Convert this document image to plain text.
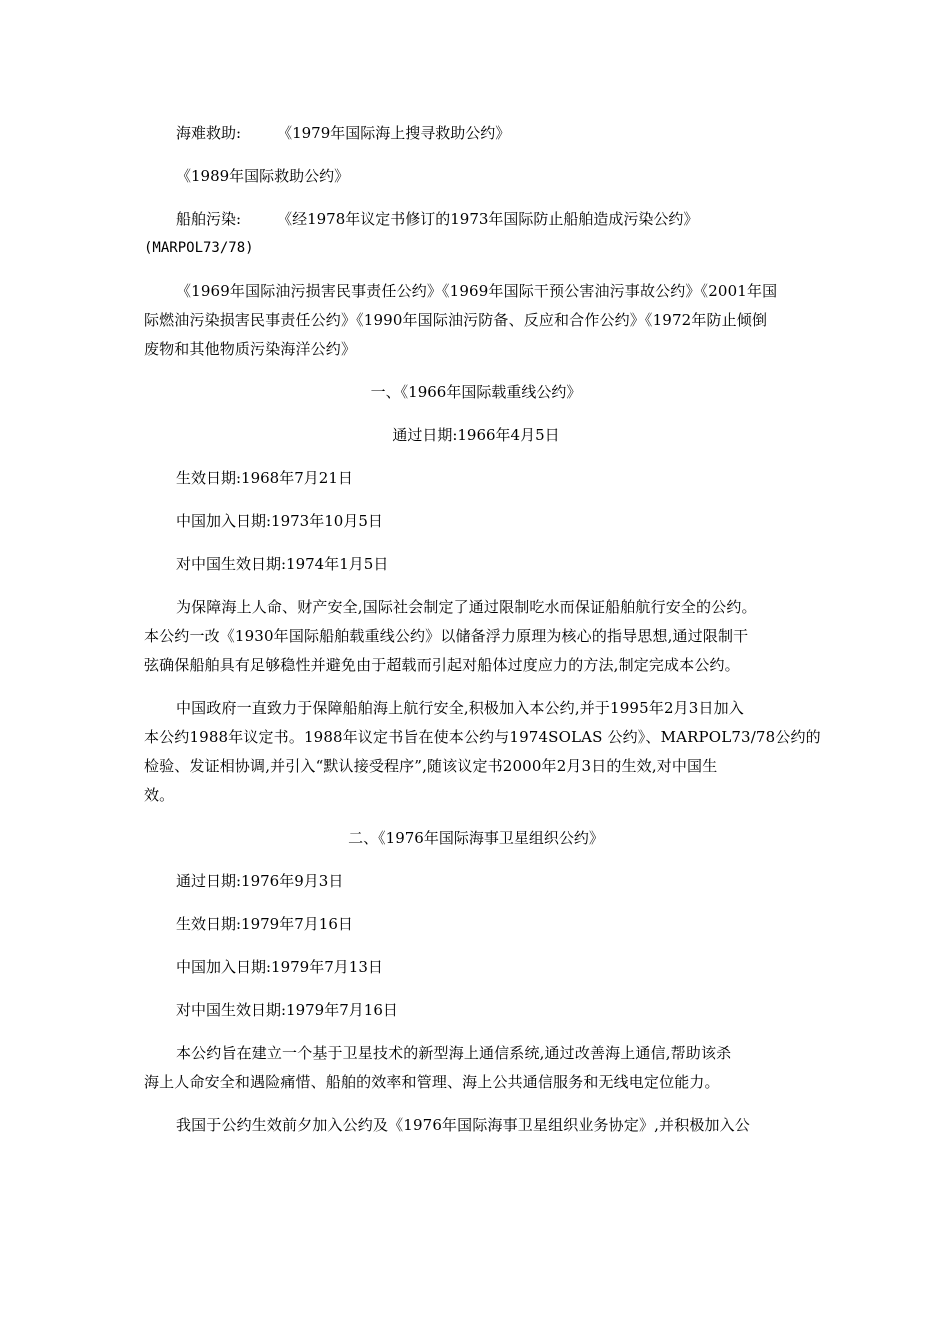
海难救助: 《1979年国际海上搜寻救助公约》
《1989年国际救助公约》
船舶污染: 《经1978年议定书修订的1973年国际防止船舶造成污染公约》
(MARPOL73/78)
《1969年国际油污损害民事责任公约》《1969年国际干预公害油污事故公约》《2001年国
际燃油污染损害民事责任公约》《1990年国际油污防备、反应和合作公约》《1972年防止倾倒
废物和其他物质污染海洋公约》
一、《1966年国际载重线公约》
通过日期:1966年4月5日
生效日期:1968年7月21日
中国加入日期:1973年10月5日
对中国生效日期:1974年1月5日
为保障海上人命、财产安全,国际社会制定了通过限制吃水而保证船舶航行安全的公约。
本公约一改《1930年国际船舶载重线公约》以储备浮力原理为核心的指导思想,通过限制干
弦确保船舶具有足够稳性并避免由于超载而引起对船体过度应力的方法,制定完成本公约。
中国政府一直致力于保障船舶海上航行安全,积极加入本公约,并于1995年2月3日加入
本公约1988年议定书。1988年议定书旨在使本公约与1974SOLAS 公约》、MARPOL73/78公约的
检验、发证相协调,并引入“默认接受程序”,随该议定书2000年2月3日的生效,对中国生
效。
二、《1976年国际海事卫星组织公约》
通过日期:1976年9月3日
生效日期:1979年7月16日
中国加入日期:1979年7月13日
对中国生效日期:1979年7月16日
本公约旨在建立一个基于卫星技术的新型海上通信系统,通过改善海上通信,帮助该杀
海上人命安全和遇险痛惜、船舶的效率和管理、海上公共通信服务和无线电定位能力。
我国于公约生效前夕加入公约及《1976年国际海事卫星组织业务协定》,并积极加入公
